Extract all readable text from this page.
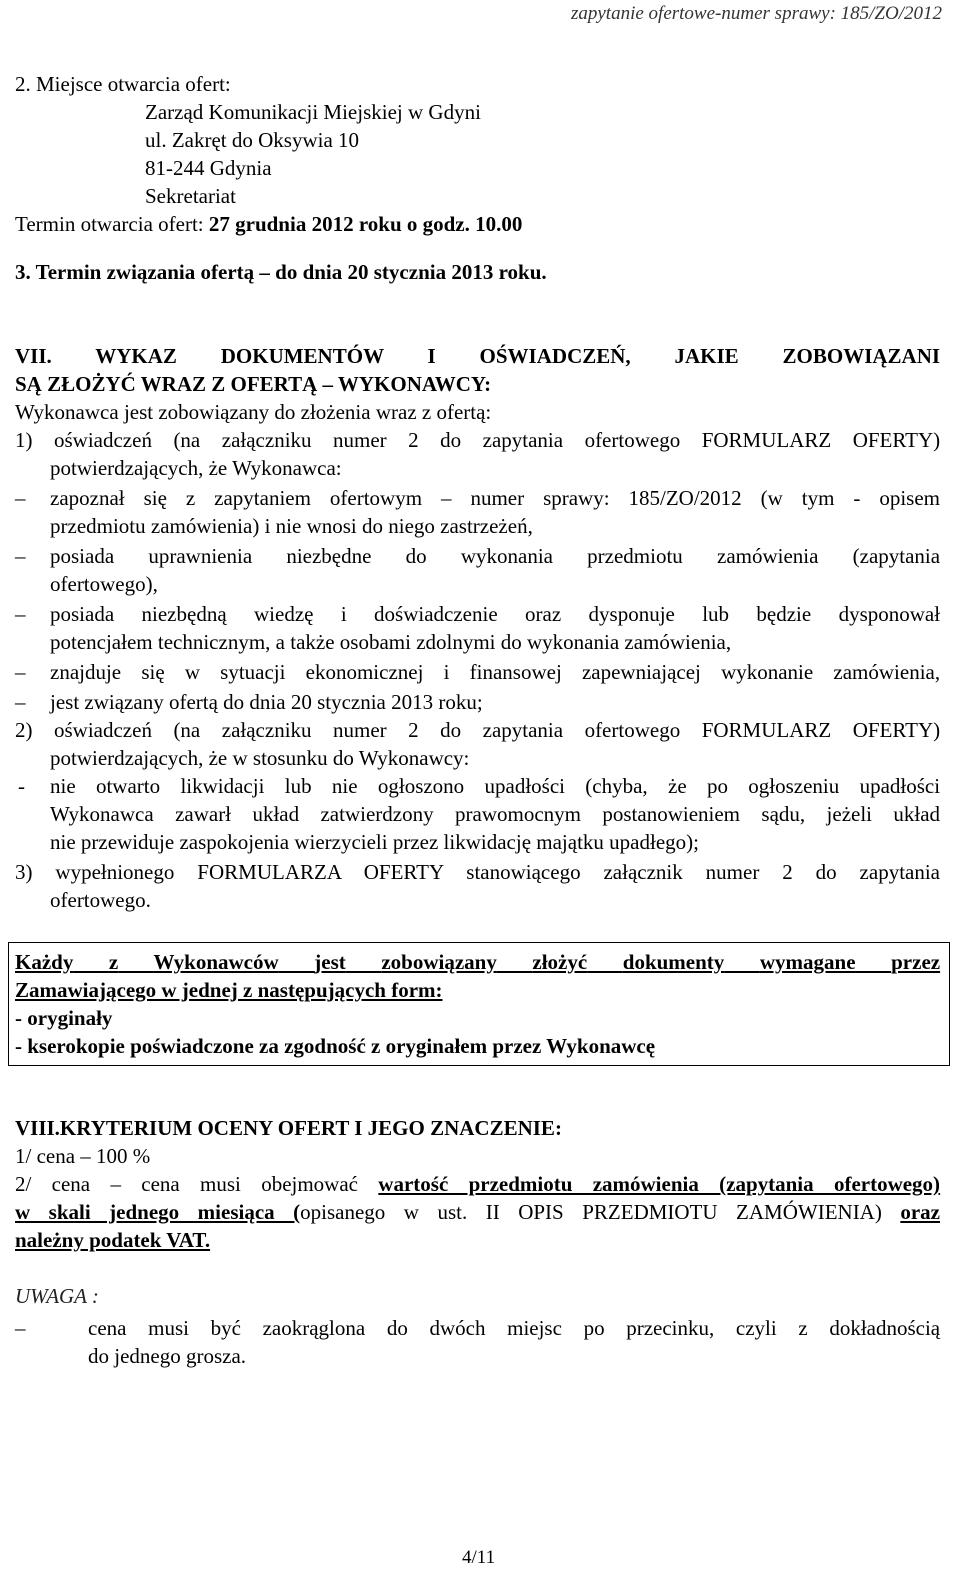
zapytanie ofertowe-numer sprawy: 185/ZO/2012
2. Miejsce otwarcia ofert:
Zarząd Komunikacji Miejskiej w Gdyni
ul. Zakręt do Oksywia 10
81-244 Gdynia
Sekretariat
Termin otwarcia ofert: 27 grudnia 2012 roku o godz. 10.00
3. Termin związania ofertą – do dnia 20 stycznia 2013 roku.
VII. WYKAZ DOKUMENTÓW I OŚWIADCZEŃ, JAKIE ZOBOWIĄZANI
SĄ ZŁOŻYĆ WRAZ Z OFERTĄ – WYKONAWCY:
Wykonawca jest zobowiązany do złożenia wraz z ofertą:
1) oświadczeń (na załączniku numer 2 do zapytania ofertowego FORMULARZ OFERTY)
potwierdzających, że Wykonawca:
– zapoznał się z zapytaniem ofertowym – numer sprawy: 185/ZO/2012 (w tym - opisem
przedmiotu zamówienia) i nie wnosi do niego zastrzeżeń,
– posiada uprawnienia niezbędne do wykonania przedmiotu zamówienia (zapytania
ofertowego),
– posiada niezbędną wiedzę i doświadczenie oraz dysponuje lub będzie dysponował
potencjałem technicznym, a także osobami zdolnymi do wykonania zamówienia,
– znajduje się w sytuacji ekonomicznej i finansowej zapewniającej wykonanie zamówienia,
– jest związany ofertą do dnia 20 stycznia 2013 roku;
2) oświadczeń (na załączniku numer 2 do zapytania ofertowego FORMULARZ OFERTY)
potwierdzających, że w stosunku do Wykonawcy:
- nie otwarto likwidacji lub nie ogłoszono upadłości (chyba, że po ogłoszeniu upadłości
Wykonawca zawarł układ zatwierdzony prawomocnym postanowieniem sądu, jeżeli układ
nie przewiduje zaspokojenia wierzycieli przez likwidację majątku upadłego);
3) wypełnionego FORMULARZA OFERTY stanowiącego załącznik numer 2 do zapytania
ofertowego.
Każdy z Wykonawców jest zobowiązany złożyć dokumenty wymagane przez
Zamawiającego w jednej z następujących form:
- oryginały
- kserokopie poświadczone za zgodność z oryginałem przez Wykonawcę
VIII.KRYTERIUM OCENY OFERT I JEGO ZNACZENIE:
1/ cena – 100 %
2/ cena – cena musi obejmować wartość przedmiotu zamówienia (zapytania ofertowego)
w skali jednego miesiąca (opisanego w ust. II OPIS PRZEDMIOTU ZAMÓWIENIA) oraz
należny podatek VAT.
UWAGA :
–	cena musi być zaokrąglona do dwóch miejsc po przecinku, czyli z dokładnością
do jednego grosza.
4/11
